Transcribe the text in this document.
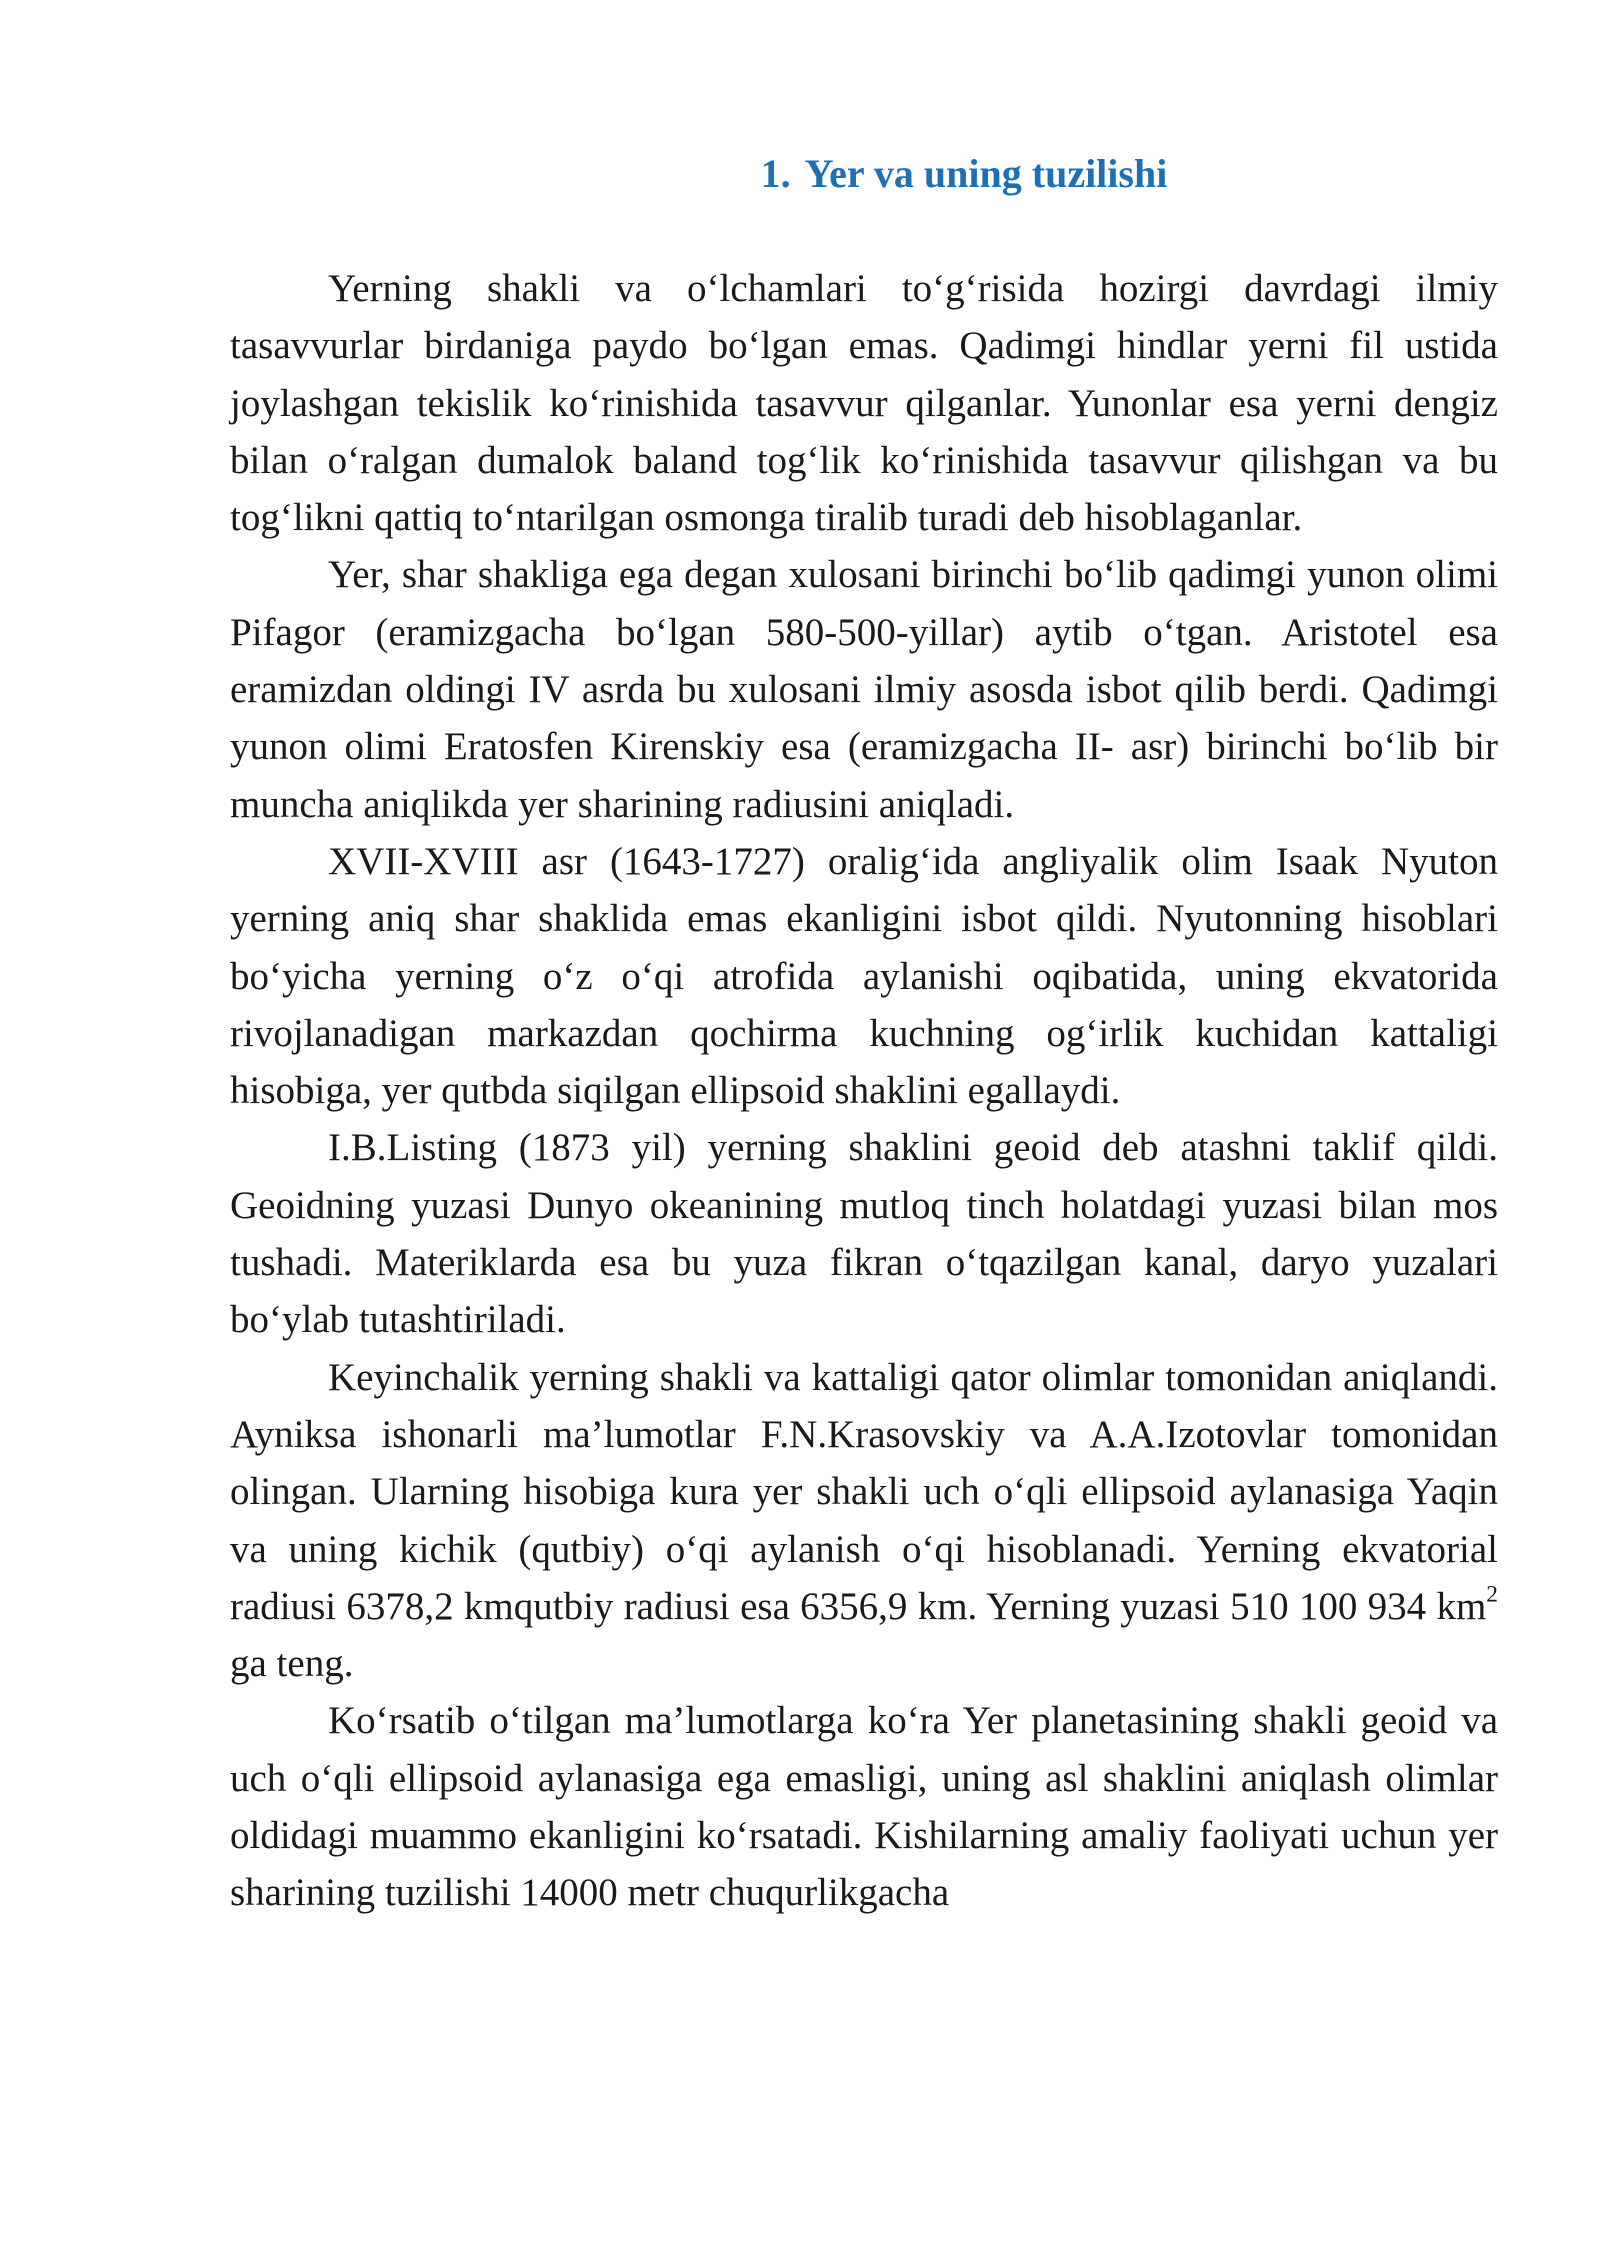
1. Yer va uning tuzilishi

Yerning shakli va o‘lchamlari to‘g‘risida hozirgi davrdagi ilmiy tasavvurlar birdaniga paydo bo‘lgan emas. Qadimgi hindlar yerni fil ustida joylashgan tekislik ko‘rinishida tasavvur qilganlar. Yunonlar esa yerni dengiz bilan o‘ralgan dumalok baland tog‘lik ko‘rinishida tasavvur qilishgan va bu tog‘likni qattiq to‘ntarilgan osmonga tiralib turadi deb hisoblaganlar.

Yer, shar shakliga ega degan xulosani birinchi bo‘lib qadimgi yunon olimi Pifagor (eramizgacha bo‘lgan 580-500-yillar) aytib o‘tgan. Aristotel esa eramizdan oldingi IV asrda bu xulosani ilmiy asosda isbot qilib berdi. Qadimgi yunon olimi Eratosfen Kirenskiy esa (eramizgacha II- asr) birinchi bo‘lib bir muncha aniqlikda yer sharining radiusini aniqladi.

XVII-XVIII asr (1643-1727) oralig‘ida angliyalik olim Isaak Nyuton yerning aniq shar shaklida emas ekanligini isbot qildi. Nyutonning hisoblari bo‘yicha yerning o‘z o‘qi atrofida aylanishi oqibatida, uning ekvatorida rivojlanadigan markazdan qochirma kuchning og‘irlik kuchidan kattaligi hisobiga, yer qutbda siqilgan ellipsoid shaklini egallaydi.

I.B.Listing (1873 yil) yerning shaklini geoid deb atashni taklif qildi. Geoidning yuzasi Dunyo okeanining mutloq tinch holatdagi yuzasi bilan mos tushadi. Materiklarda esa bu yuza fikran o‘tqazilgan kanal, daryo yuzalari bo‘ylab tutashtiriladi.

Keyinchalik yerning shakli va kattaligi qator olimlar tomonidan aniqlandi. Ayniksa ishonarli ma’lumotlar F.N.Krasovskiy va A.A.Izotovlar tomonidan olingan. Ularning hisobiga kura yer shakli uch o‘qli ellipsoid aylanasiga Yaqin va uning kichik (qutbiy) o‘qi aylanish o‘qi hisoblanadi. Yerning ekvatorial radiusi 6378,2 kmqutbiy radiusi esa 6356,9 km. Yerning yuzasi 510 100 934 $km^2$ ga teng.

Ko‘rsatib o‘tilgan ma’lumotlarga ko‘ra Yer planetasining shakli geoid va uch o‘qli ellipsoid aylanasiga ega emasligi, uning asl shaklini aniqlash olimlar oldidagi muammo ekanligini ko‘rsatadi. Kishilarning amaliy faoliyati uchun yer sharining tuzilishi 14000 metr chuqurlikgacha
